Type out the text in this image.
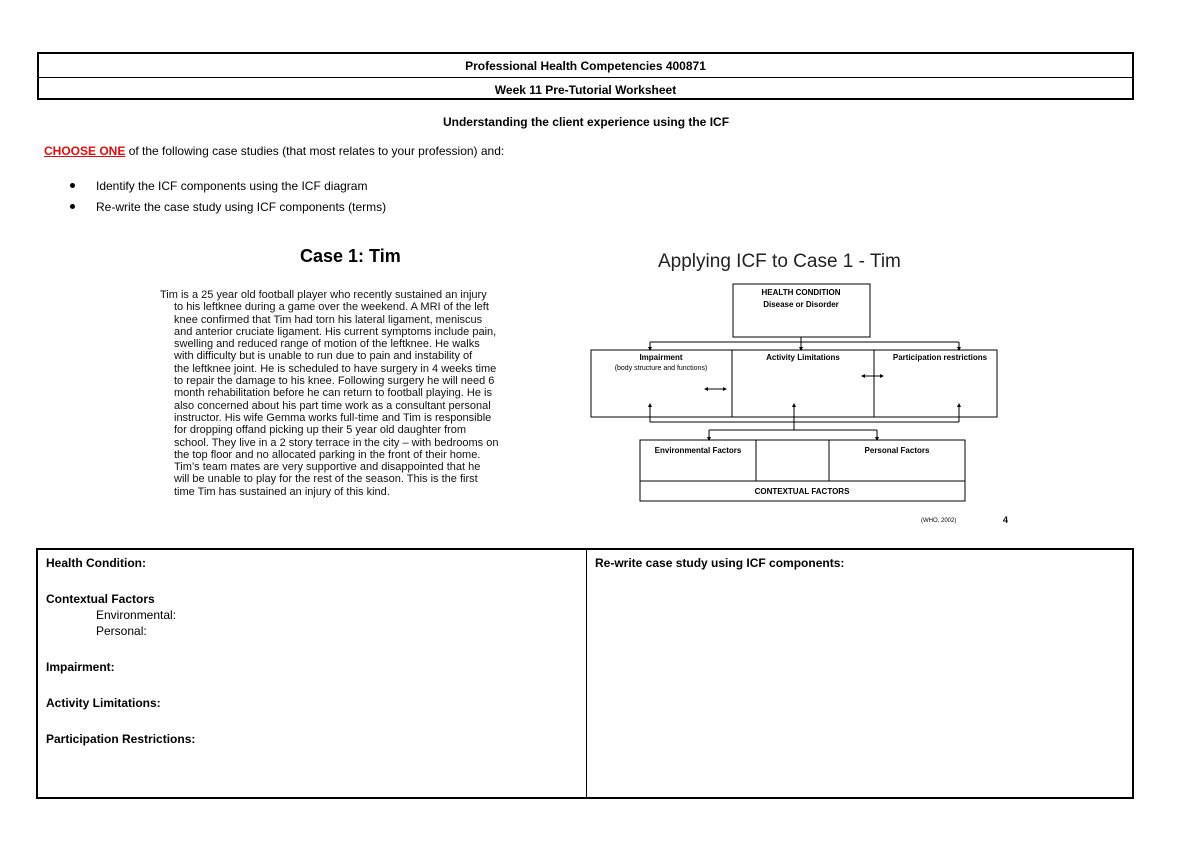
Professional Health Competencies 400871
Week 11 Pre-Tutorial Worksheet
Understanding the client experience using the ICF
CHOOSE ONE of the following case studies (that most relates to your profession) and:
Identify the ICF components using the ICF diagram
Re-write the case study using ICF components (terms)
Case 1: Tim
Tim is a 25 year old football player who recently sustained an injury
to his leftknee during a game over the weekend. A MRI of the left
knee confirmed that Tim had torn his lateral ligament, meniscus
and anterior cruciate ligament. His current symptoms include pain,
swelling and reduced range of motion of the leftknee. He walks
with difficulty but is unable to run due to pain and instability of
the leftknee joint. He is scheduled to have surgery in 4 weeks time
to repair the damage to his knee. Following surgery he will need 6
month rehabilitation before he can return to football playing. He is
also concerned about his part time work as a consultant personal
instructor. His wife Gemma works full-time and Tim is responsible
for dropping offand picking up their 5 year old daughter from
school. They live in a 2 story terrace in the city – with bedrooms on
the top floor and no allocated parking in the front of their home.
Tim’s team mates are very supportive and disappointed that he
will be unable to play for the rest of the season. This is the first
time Tim has sustained an injury of this kind.
Applying ICF to Case 1 - Tim
HEALTH CONDITION
Disease or Disorder
Impairment
(body structure and functions)
Activity Limitations	Participation restrictions
Environmental Factors	Personal Factors
CONTEXTUAL FACTORS
(WHO, 2002)	4
Health Condition:
Contextual Factors
Environmental:
Personal:
Impairment:
Activity Limitations:
Participation Restrictions:
Re-write case study using ICF components:
